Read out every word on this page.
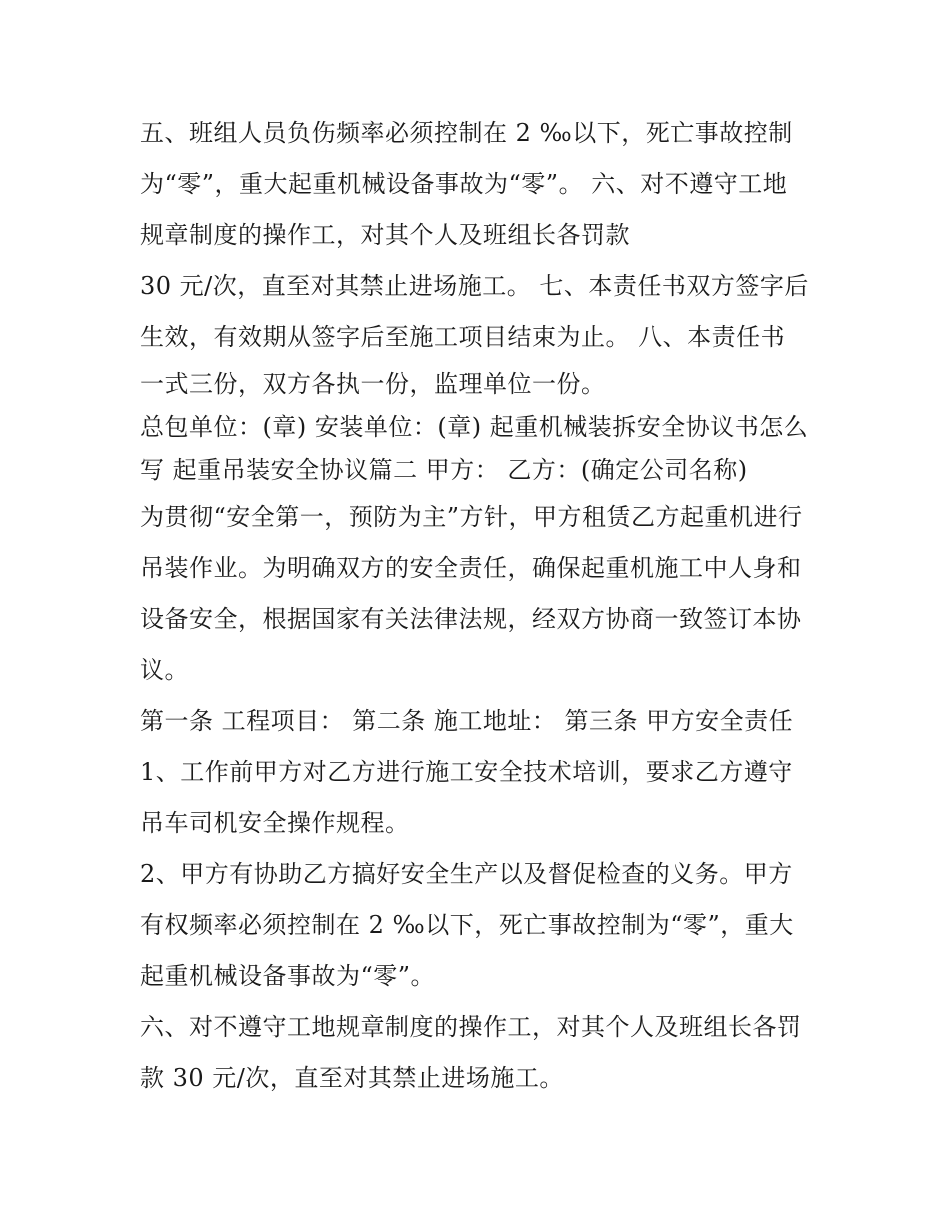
五、班组人员负伤频率必须控制在 2 ‰以下，死亡事故控制
为“零”，重大起重机械设备事故为“零”。 六、对不遵守工地
规章制度的操作工，对其个人及班组长各罚款
30 元/次，直至对其禁止进场施工。 七、本责任书双方签字后
生效，有效期从签字后至施工项目结束为止。 八、本责任书
一式三份，双方各执一份，监理单位一份。
总包单位：(章) 安装单位：(章) 起重机械装拆安全协议书怎么
写 起重吊装安全协议篇二 甲方： 乙方：(确定公司名称)
为贯彻“安全第一，预防为主”方针，甲方租赁乙方起重机进行
吊装作业。为明确双方的安全责任，确保起重机施工中人身和
设备安全，根据国家有关法律法规，经双方协商一致签订本协
议。
第一条 工程项目： 第二条 施工地址： 第三条 甲方安全责任
1、工作前甲方对乙方进行施工安全技术培训，要求乙方遵守
吊车司机安全操作规程。
2、甲方有协助乙方搞好安全生产以及督促检查的义务。甲方
有权频率必须控制在 2 ‰以下，死亡事故控制为“零”，重大
起重机械设备事故为“零”。
六、对不遵守工地规章制度的操作工，对其个人及班组长各罚
款 30 元/次，直至对其禁止进场施工。
